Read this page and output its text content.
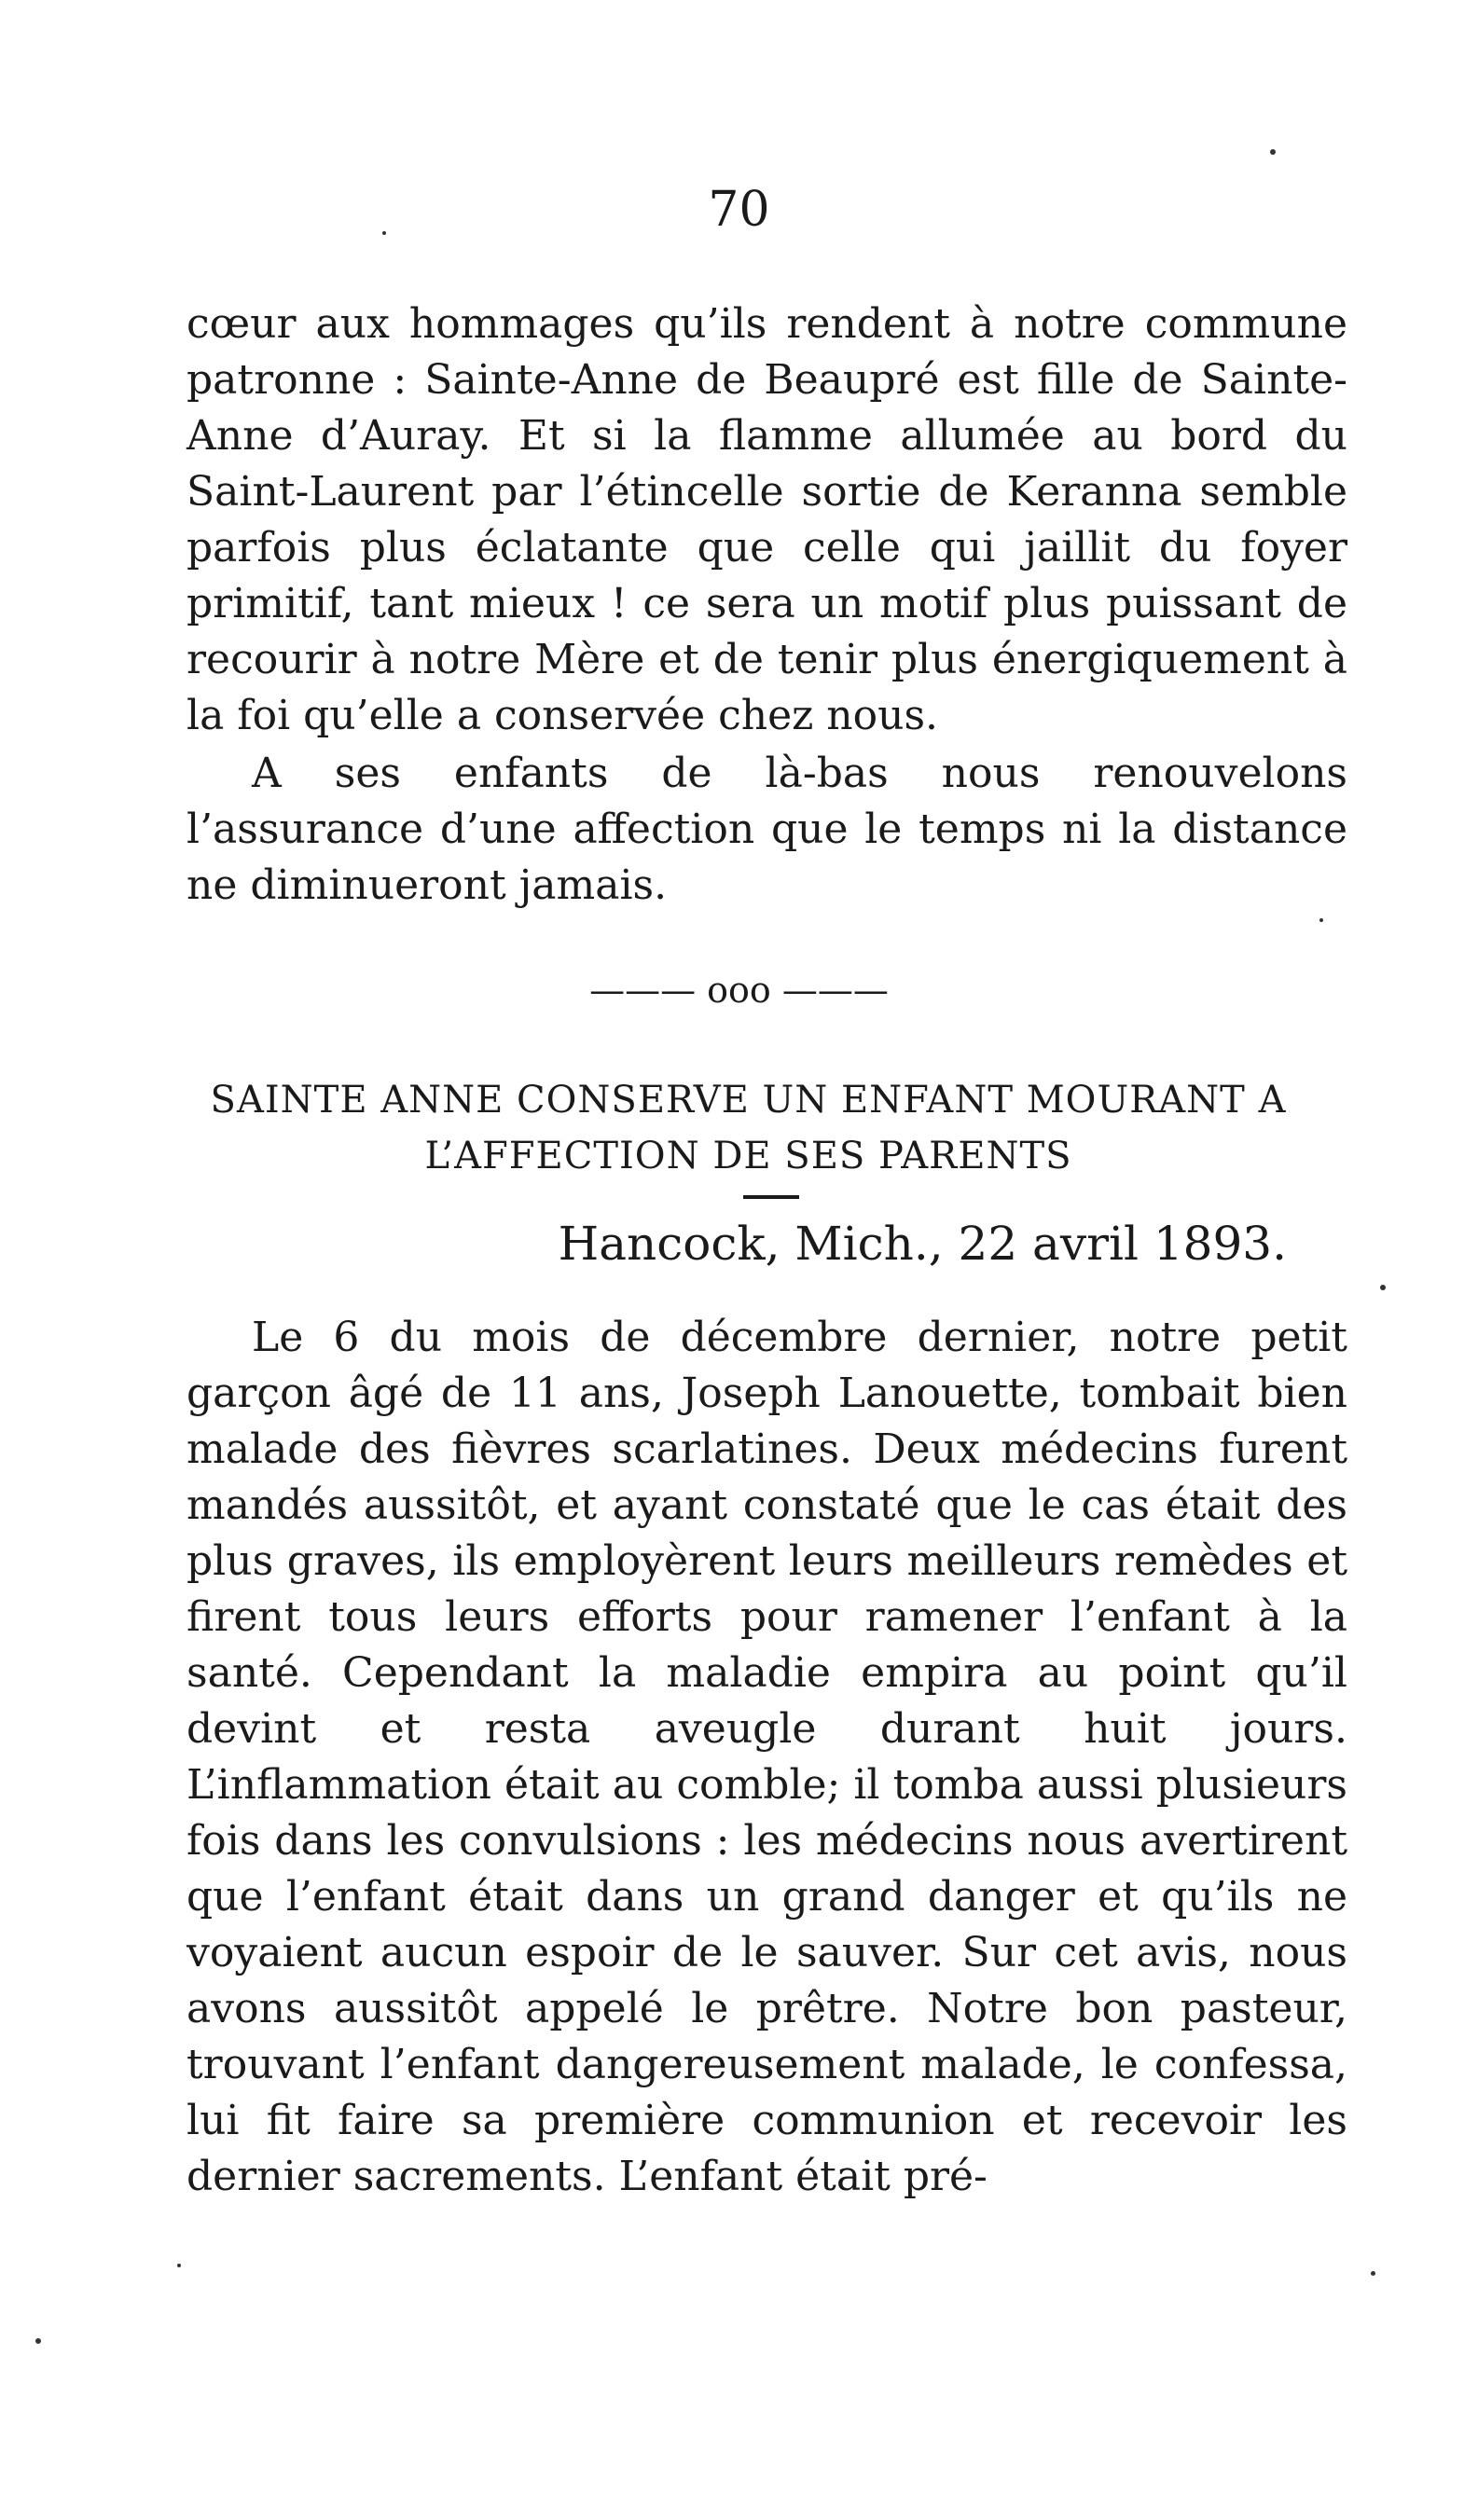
70

cœur aux hommages qu’ils rendent à notre commune patronne : Sainte-Anne de Beaupré est fille de Sainte-Anne d’Auray. Et si la flamme allumée au bord du Saint-Laurent par l’étincelle sortie de Keranna semble parfois plus éclatante que celle qui jaillit du foyer primitif, tant mieux ! ce sera un motif plus puissant de recourir à notre Mère et de tenir plus énergiquement à la foi qu’elle a conservée chez nous.

A ses enfants de là-bas nous renouvelons l’assurance d’une affection que le temps ni la distance ne diminueront jamais.

——— ooo ———
SAINTE ANNE CONSERVE UN ENFANT MOURANT A
L’AFFECTION DE SES PARENTS
Hancock, Mich., 22 avril 1893.

Le 6 du mois de décembre dernier, notre petit garçon âgé de 11 ans, Joseph Lanouette, tombait bien malade des fièvres scarlatines. Deux médecins furent mandés aussitôt, et ayant constaté que le cas était des plus graves, ils employèrent leurs meilleurs remèdes et firent tous leurs efforts pour ramener l’enfant à la santé. Cependant la maladie empira au point qu’il devint et resta aveugle durant huit jours. L’inflammation était au comble; il tomba aussi plusieurs fois dans les convulsions : les médecins nous avertirent que l’enfant était dans un grand danger et qu’ils ne voyaient aucun espoir de le sauver. Sur cet avis, nous avons aussitôt appelé le prêtre. Notre bon pasteur, trouvant l’enfant dangereusement malade, le confessa, lui fit faire sa première communion et recevoir les dernier sacrements. L’enfant était pré-
